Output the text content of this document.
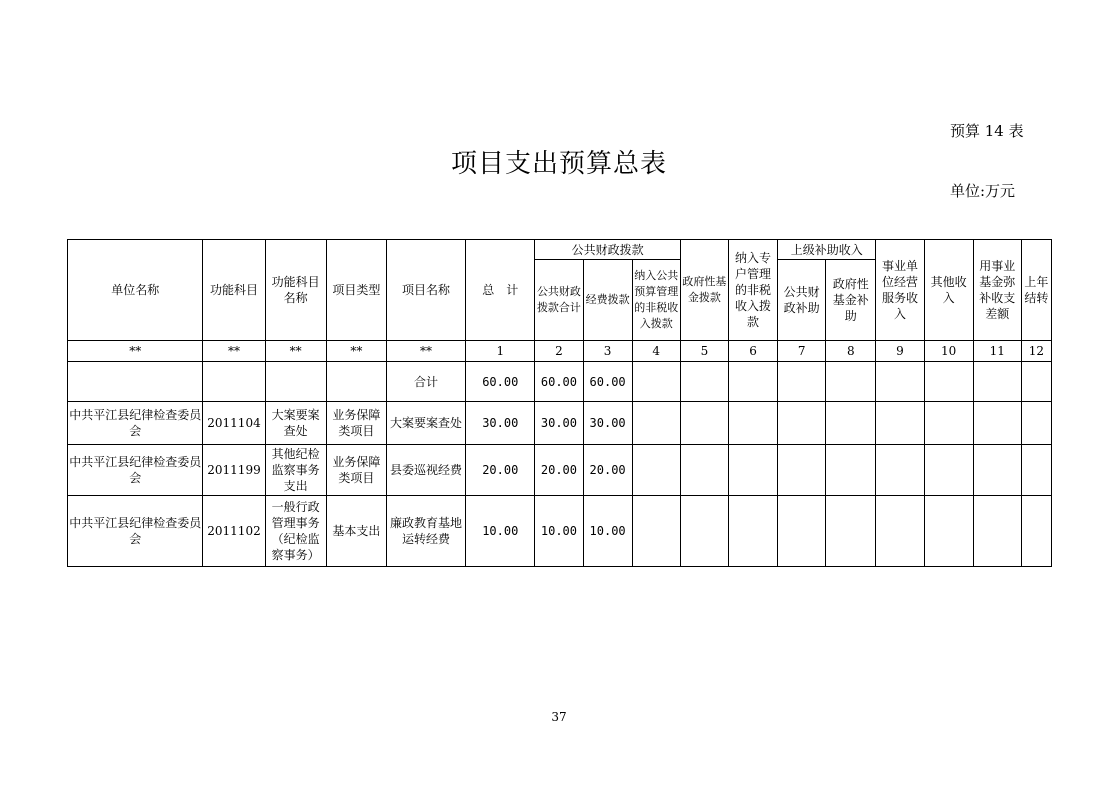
预算 14 表
项目支出预算总表
单位:万元
单位名称	功能科目	功能科目名称	项目类型	项目名称	总　计	公共财政拨款			政府性基金拨款	纳入专户管理的非税收入拨款	上级补助收入		事业单位经营服务收入	其他收入	用事业基金弥补收支差额	上年结转
						公共财政拨款合计	经费拨款	纳入公共预算管理的非税收入拨款			公共财政补助	政府性基金补助				
**	**	**	**	**	1	2	3	4	5	6	7	8	9	10	11	12
				合计	60.00	60.00	60.00									
中共平江县纪律检查委员会	2011104	大案要案查处	业务保障类项目	大案要案查处	30.00	30.00	30.00									
中共平江县纪律检查委员会	2011199	其他纪检监察事务支出	业务保障类项目	县委巡视经费	20.00	20.00	20.00									
中共平江县纪律检查委员会	2011102	一般行政管理事务（纪检监察事务）	基本支出	廉政教育基地运转经费	10.00	10.00	10.00									
37
